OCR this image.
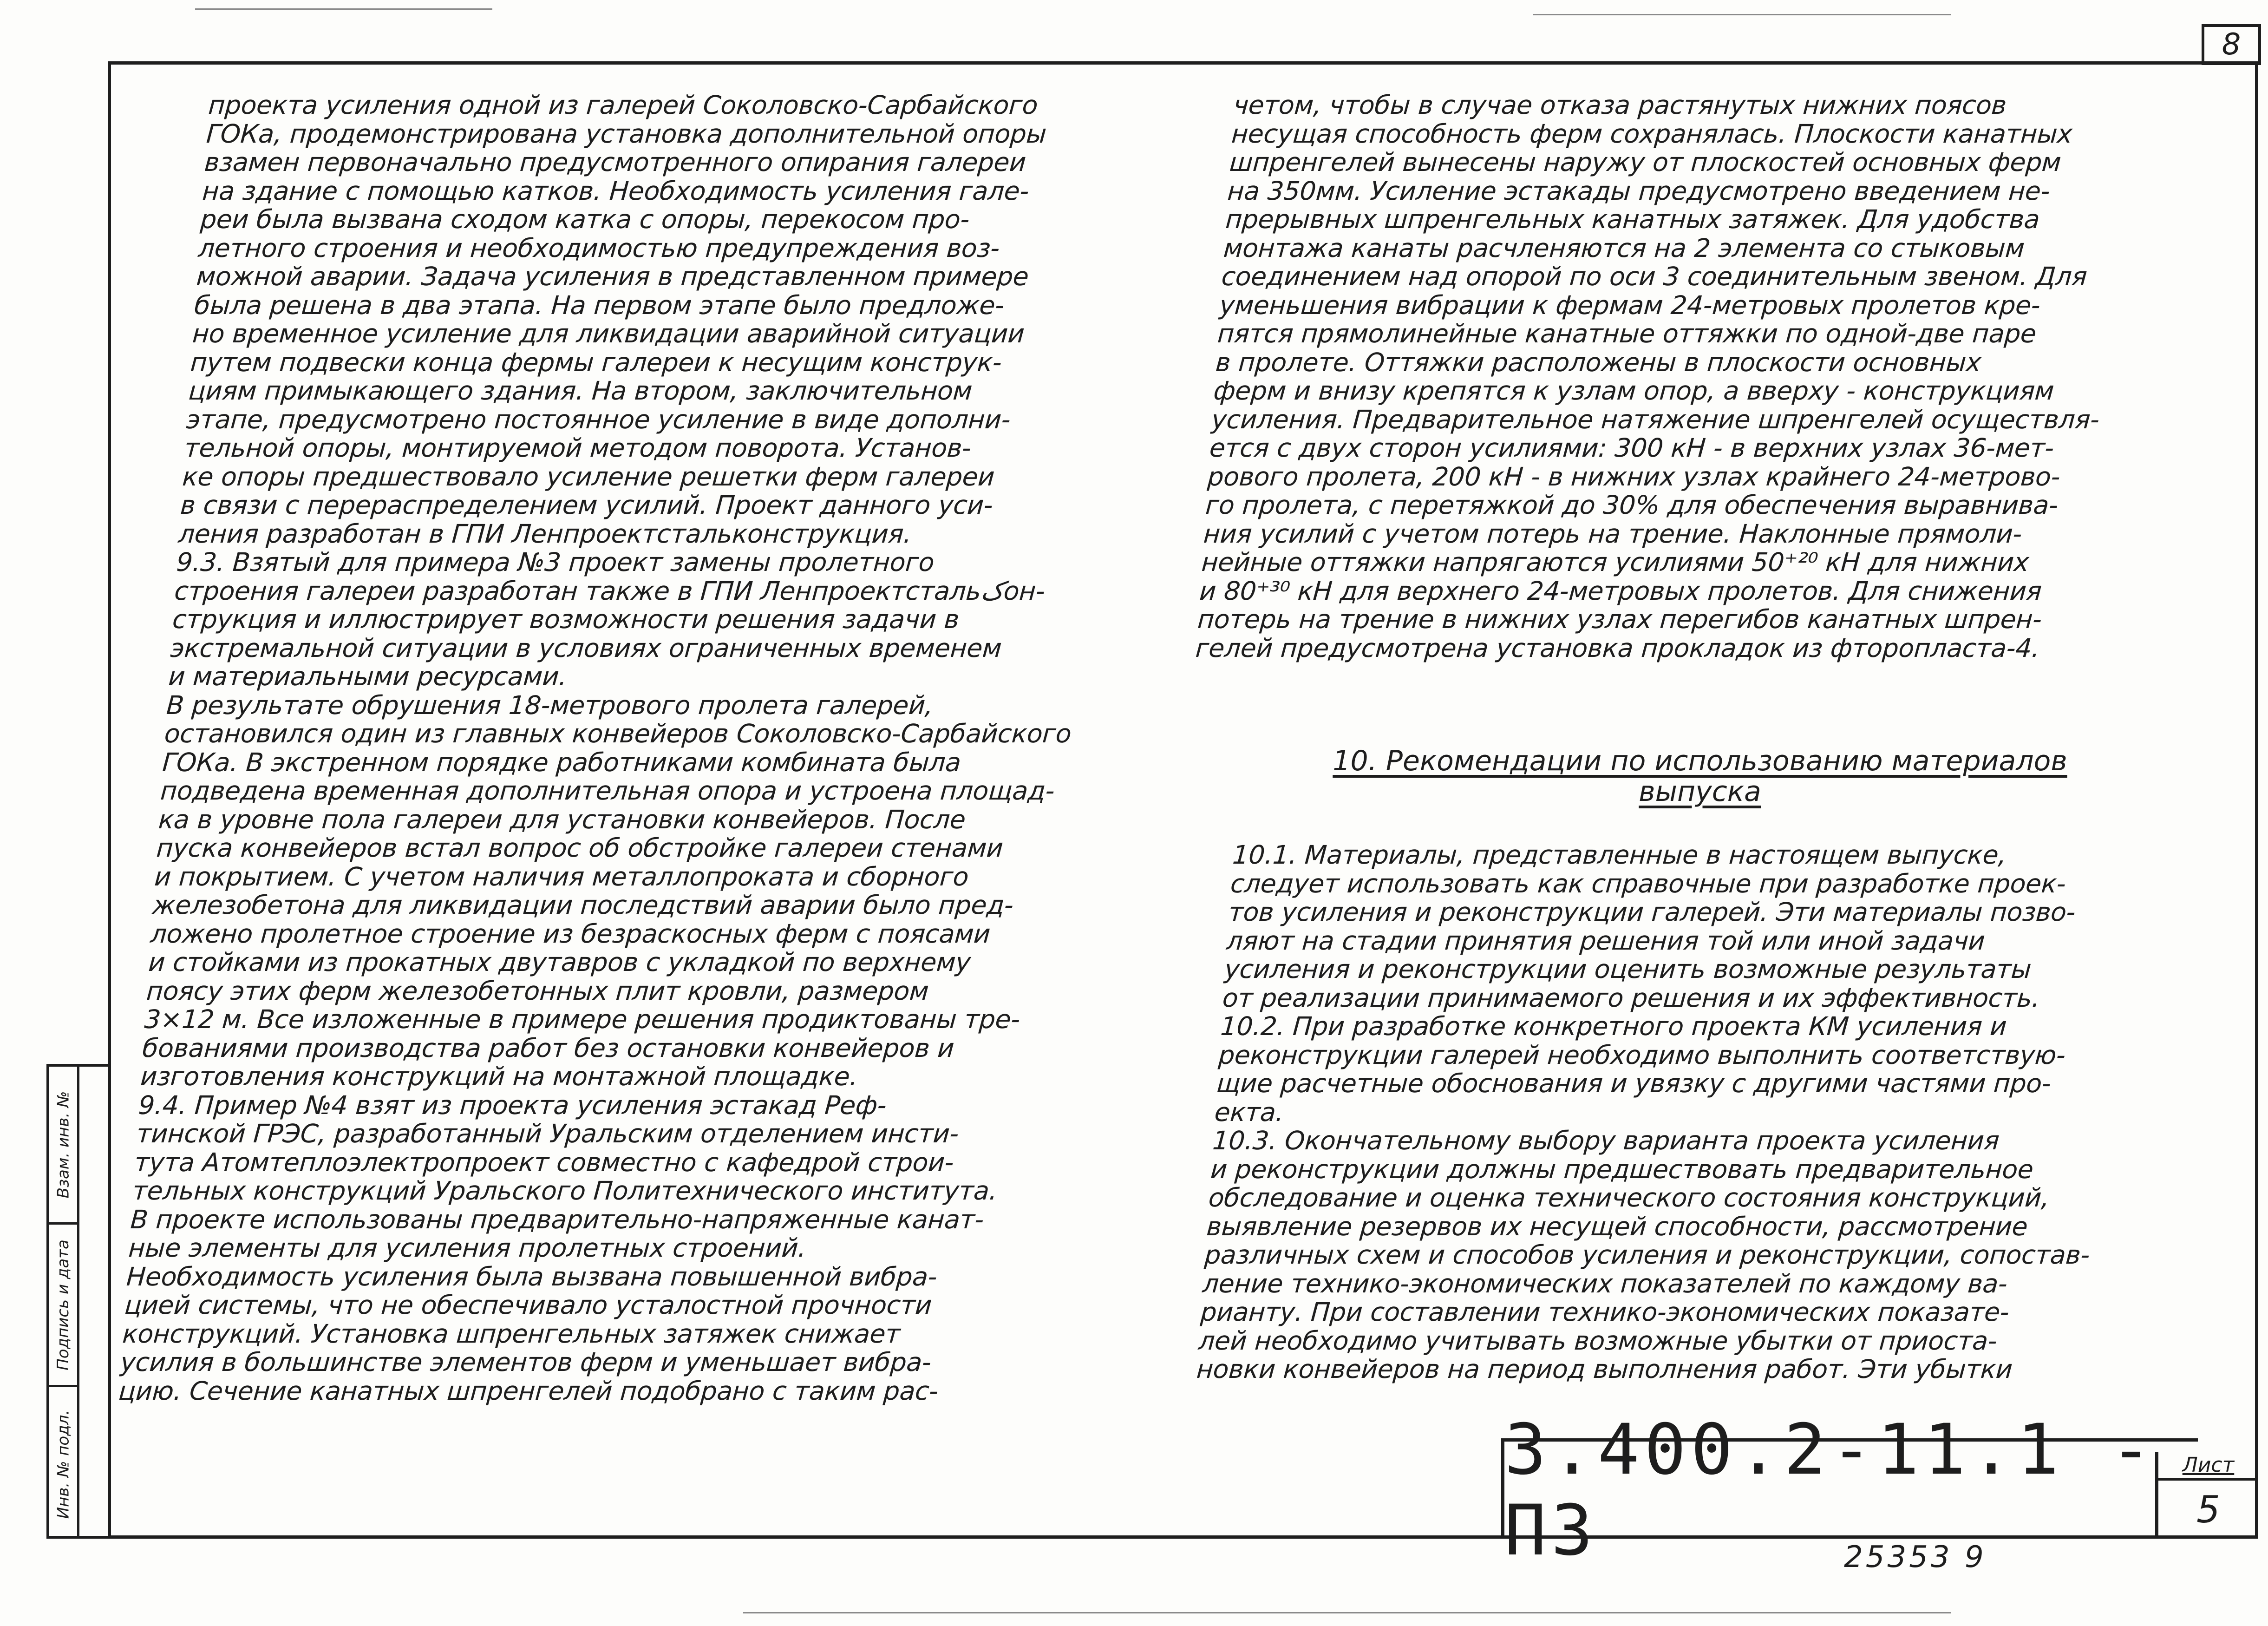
8
Взам. инв. №
Подпись и дата
Инв. № подл.
проекта усиления одной из галерей Соколовско-Сарбайского
ГОКа, продемонстрирована установка дополнительной опоры
взамен первоначально предусмотренного опирания галереи
на здание с помощью катков. Необходимость усиления гале-
реи была вызвана сходом катка с опоры, перекосом про-
летного строения и необходимостью предупреждения воз-
можной аварии. Задача усиления в представленном примере
была решена в два этапа. На первом этапе было предложе-
но временное усиление для ликвидации аварийной ситуации
путем подвески конца фермы галереи к несущим конструк-
циям примыкающего здания. На втором, заключительном
этапе, предусмотрено постоянное усиление в виде дополни-
тельной опоры, монтируемой методом поворота. Установ-
ке опоры предшествовало усиление решетки ферм галереи
в связи с перераспределением усилий. Проект данного уси-
ления разработан в ГПИ Ленпроектстальконструкция.
9.3. Взятый для примера №3 проект замены пролетного
строения галереи разработан также в ГПИ Ленпроектстальکон-
струкция и иллюстрирует возможности решения задачи в
экстремальной ситуации в условиях ограниченных временем
и материальными ресурсами.
В результате обрушения 18-метрового пролета галерей,
остановился один из главных конвейеров Соколовско-Сарбайского
ГОКа. В экстренном порядке работниками комбината была
подведена временная дополнительная опора и устроена площад-
ка в уровне пола галереи для установки конвейеров. После
пуска конвейеров встал вопрос об обстройке галереи стенами
и покрытием. С учетом наличия металлопроката и сборного
железобетона для ликвидации последствий аварии было пред-
ложено пролетное строение из безраскосных ферм с поясами
и стойками из прокатных двутавров с укладкой по верхнему
поясу этих ферм железобетонных плит кровли, размером
3×12 м. Все изложенные в примере решения продиктованы тре-
бованиями производства работ без остановки конвейеров и
изготовления конструкций на монтажной площадке.
9.4. Пример №4 взят из проекта усиления эстакад Реф-
тинской ГРЭС, разработанный Уральским отделением инсти-
тута Атомтеплоэлектропроект совместно с кафедрой строи-
тельных конструкций Уральского Политехнического института.
В проекте использованы предварительно-напряженные канат-
ные элементы для усиления пролетных строений.
Необходимость усиления была вызвана повышенной вибра-
цией системы, что не обеспечивало усталостной прочности
конструкций. Установка шпренгельных затяжек снижает
усилия в большинстве элементов ферм и уменьшает вибра-
цию. Сечение канатных шпренгелей подобрано с таким рас-
четом, чтобы в случае отказа растянутых нижних поясов
несущая способность ферм сохранялась. Плоскости канатных
шпренгелей вынесены наружу от плоскостей основных ферм
на 350мм. Усиление эстакады предусмотрено введением не-
прерывных шпренгельных канатных затяжек. Для удобства
монтажа канаты расчленяются на 2 элемента со стыковым
соединением над опорой по оси 3 соединительным звеном. Для
уменьшения вибрации к фермам 24-метровых пролетов кре-
пятся прямолинейные канатные оттяжки по одной-две паре
в пролете. Оттяжки расположены в плоскости основных
ферм и внизу крепятся к узлам опор, а вверху - конструкциям
усиления. Предварительное натяжение шпренгелей осуществля-
ется с двух сторон усилиями: 300 кН - в верхних узлах 36-мет-
рового пролета, 200 кН - в нижних узлах крайнего 24-метрово-
го пролета, с перетяжкой до 30% для обеспечения выравнива-
ния усилий с учетом потерь на трение. Наклонные прямоли-
нейные оттяжки напрягаются усилиями 50⁺²⁰ кН для нижних
и 80⁺³⁰ кН для верхнего 24-метровых пролетов. Для снижения
потерь на трение в нижних узлах перегибов канатных шпрен-
гелей предусмотрена установка прокладок из фторопласта-4.
10. Рекомендации по использованию материалов
выпуска
10.1. Материалы, представленные в настоящем выпуске,
следует использовать как справочные при разработке проек-
тов усиления и реконструкции галерей. Эти материалы позво-
ляют на стадии принятия решения той или иной задачи
усиления и реконструкции оценить возможные результаты
от реализации принимаемого решения и их эффективность.
10.2. При разработке конкретного проекта КМ усиления и
реконструкции галерей необходимо выполнить соответствую-
щие расчетные обоснования и увязку с другими частями про-
екта.
10.3. Окончательному выбору варианта проекта усиления
и реконструкции должны предшествовать предварительное
обследование и оценка технического состояния конструкций,
выявление резервов их несущей способности, рассмотрение
различных схем и способов усиления и реконструкции, сопостав-
ление технико-экономических показателей по каждому ва-
рианту. При составлении технико-экономических показате-
лей необходимо учитывать возможные убытки от приоста-
новки конвейеров на период выполнения работ. Эти убытки
3.400.2-11.1 - ПЗ
Лист
5
25353 9
